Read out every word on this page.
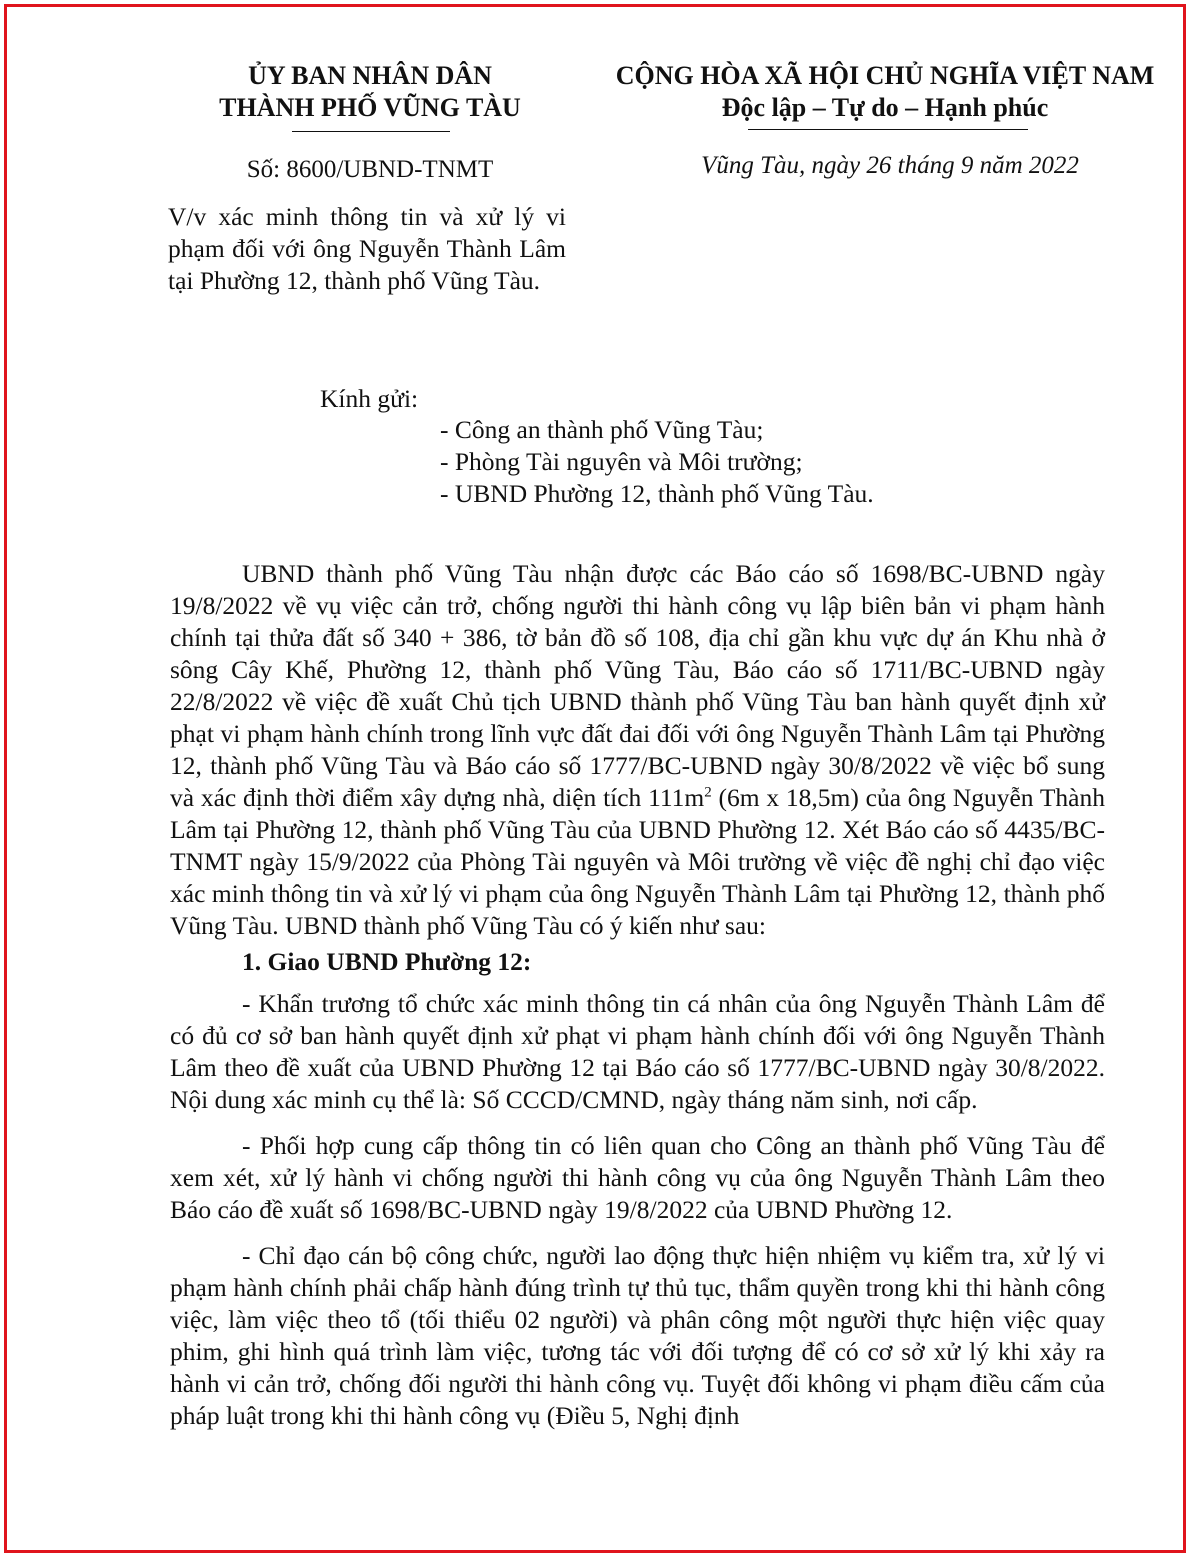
ỦY BAN NHÂN DÂN
THÀNH PHỐ VŨNG TÀU
CỘNG HÒA XÃ HỘI CHỦ NGHĨA VIỆT NAM
Độc lập – Tự do – Hạnh phúc
Số: 8600/UBND-TNMT	Vũng Tàu, ngày 26 tháng 9 năm 2022
V/v xác minh thông tin và xử lý vi phạm đối với ông Nguyễn Thành Lâm tại Phường 12, thành phố Vũng Tàu.
Kính gửi:
- Công an thành phố Vũng Tàu;
- Phòng Tài nguyên và Môi trường;
- UBND Phường 12, thành phố Vũng Tàu.

UBND thành phố Vũng Tàu nhận được các Báo cáo số 1698/BC-UBND ngày 19/8/2022 về vụ việc cản trở, chống người thi hành công vụ lập biên bản vi phạm hành chính tại thửa đất số 340 + 386, tờ bản đồ số 108, địa chỉ gần khu vực dự án Khu nhà ở sông Cây Khế, Phường 12, thành phố Vũng Tàu, Báo cáo số 1711/BC-UBND ngày 22/8/2022 về việc đề xuất Chủ tịch UBND thành phố Vũng Tàu ban hành quyết định xử phạt vi phạm hành chính trong lĩnh vực đất đai đối với ông Nguyễn Thành Lâm tại Phường 12, thành phố Vũng Tàu và Báo cáo số 1777/BC-UBND ngày 30/8/2022 về việc bổ sung và xác định thời điểm xây dựng nhà, diện tích $111m^2$ (6m x 18,5m) của ông Nguyễn Thành Lâm tại Phường 12, thành phố Vũng Tàu của UBND Phường 12. Xét Báo cáo số 4435/BC-TNMT ngày 15/9/2022 của Phòng Tài nguyên và Môi trường về việc đề nghị chỉ đạo việc xác minh thông tin và xử lý vi phạm của ông Nguyễn Thành Lâm tại Phường 12, thành phố Vũng Tàu. UBND thành phố Vũng Tàu có ý kiến như sau:

1. Giao UBND Phường 12:

- Khẩn trương tổ chức xác minh thông tin cá nhân của ông Nguyễn Thành Lâm để có đủ cơ sở ban hành quyết định xử phạt vi phạm hành chính đối với ông Nguyễn Thành Lâm theo đề xuất của UBND Phường 12 tại Báo cáo số 1777/BC-UBND ngày 30/8/2022. Nội dung xác minh cụ thể là: Số CCCD/CMND, ngày tháng năm sinh, nơi cấp.

- Phối hợp cung cấp thông tin có liên quan cho Công an thành phố Vũng Tàu để xem xét, xử lý hành vi chống người thi hành công vụ của ông Nguyễn Thành Lâm theo Báo cáo đề xuất số 1698/BC-UBND ngày 19/8/2022 của UBND Phường 12.

- Chỉ đạo cán bộ công chức, người lao động thực hiện nhiệm vụ kiểm tra, xử lý vi phạm hành chính phải chấp hành đúng trình tự thủ tục, thẩm quyền trong khi thi hành công việc, làm việc theo tổ (tối thiểu 02 người) và phân công một người thực hiện việc quay phim, ghi hình quá trình làm việc, tương tác với đối tượng để có cơ sở xử lý khi xảy ra hành vi cản trở, chống đối người thi hành công vụ. Tuyệt đối không vi phạm điều cấm của pháp luật trong khi thi hành công vụ (Điều 5, Nghị định
